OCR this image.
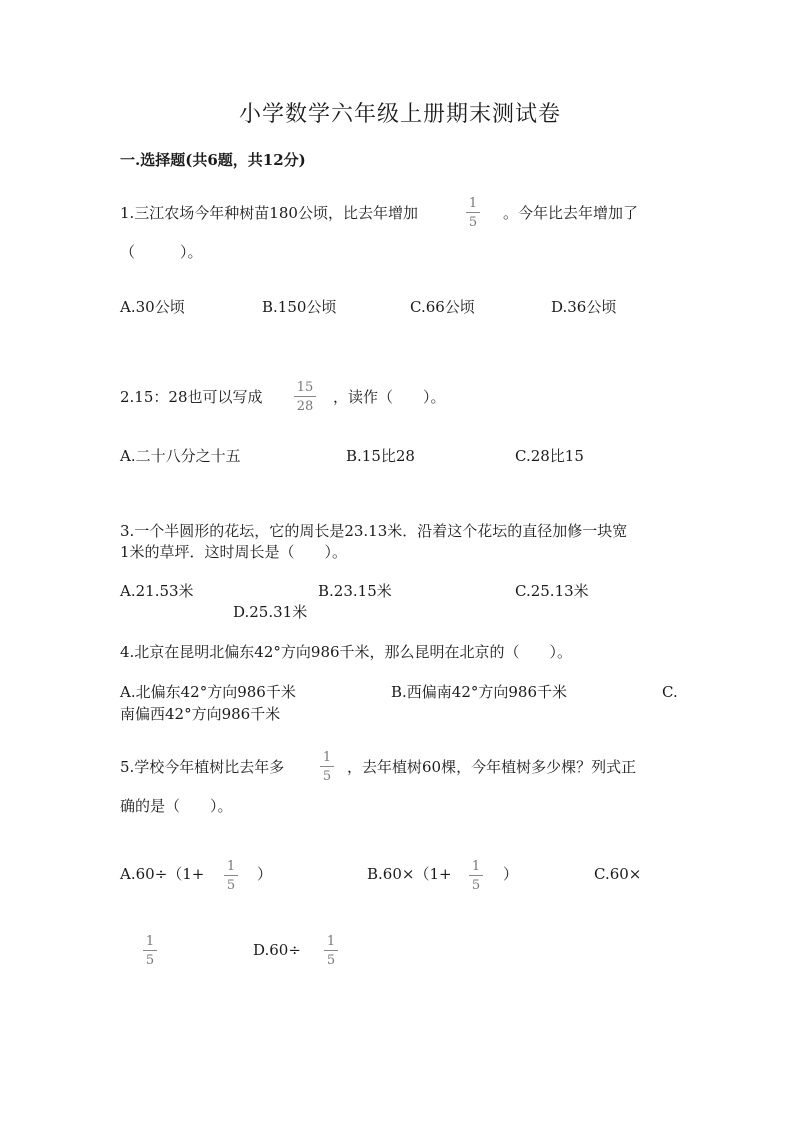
小学数学六年级上册期末测试卷
一.选择题(共6题，共12分)
1.三江农场今年种树苗180公顷，比去年增加
1
5
。今年比去年增加了
（　　　）。
A.30公顷	B.150公顷	C.66公顷	D.36公顷
2.15：28也可以写成
15
28
，读作（　　）。
A.二十八分之十五	B.15比28	C.28比15
3.一个半圆形的花坛，它的周长是23.13米．沿着这个花坛的直径加修一块宽
1米的草坪．这时周长是（　　）。
A.21.53米	B.23.15米	C.25.13米
D.25.31米
4.北京在昆明北偏东42°方向986千米，那么昆明在北京的（　　）。
A.北偏东42°方向986千米	B.西偏南42°方向986千米	C.
南偏西42°方向986千米
5.学校今年植树比去年多
1
5
，去年植树60棵，今年植树多少棵？列式正
确的是（　　）。
A.60÷（1+ 1
5
）	B.60×（1+ 1
5
）	C.60×
1
5
D.60÷ 1
5
